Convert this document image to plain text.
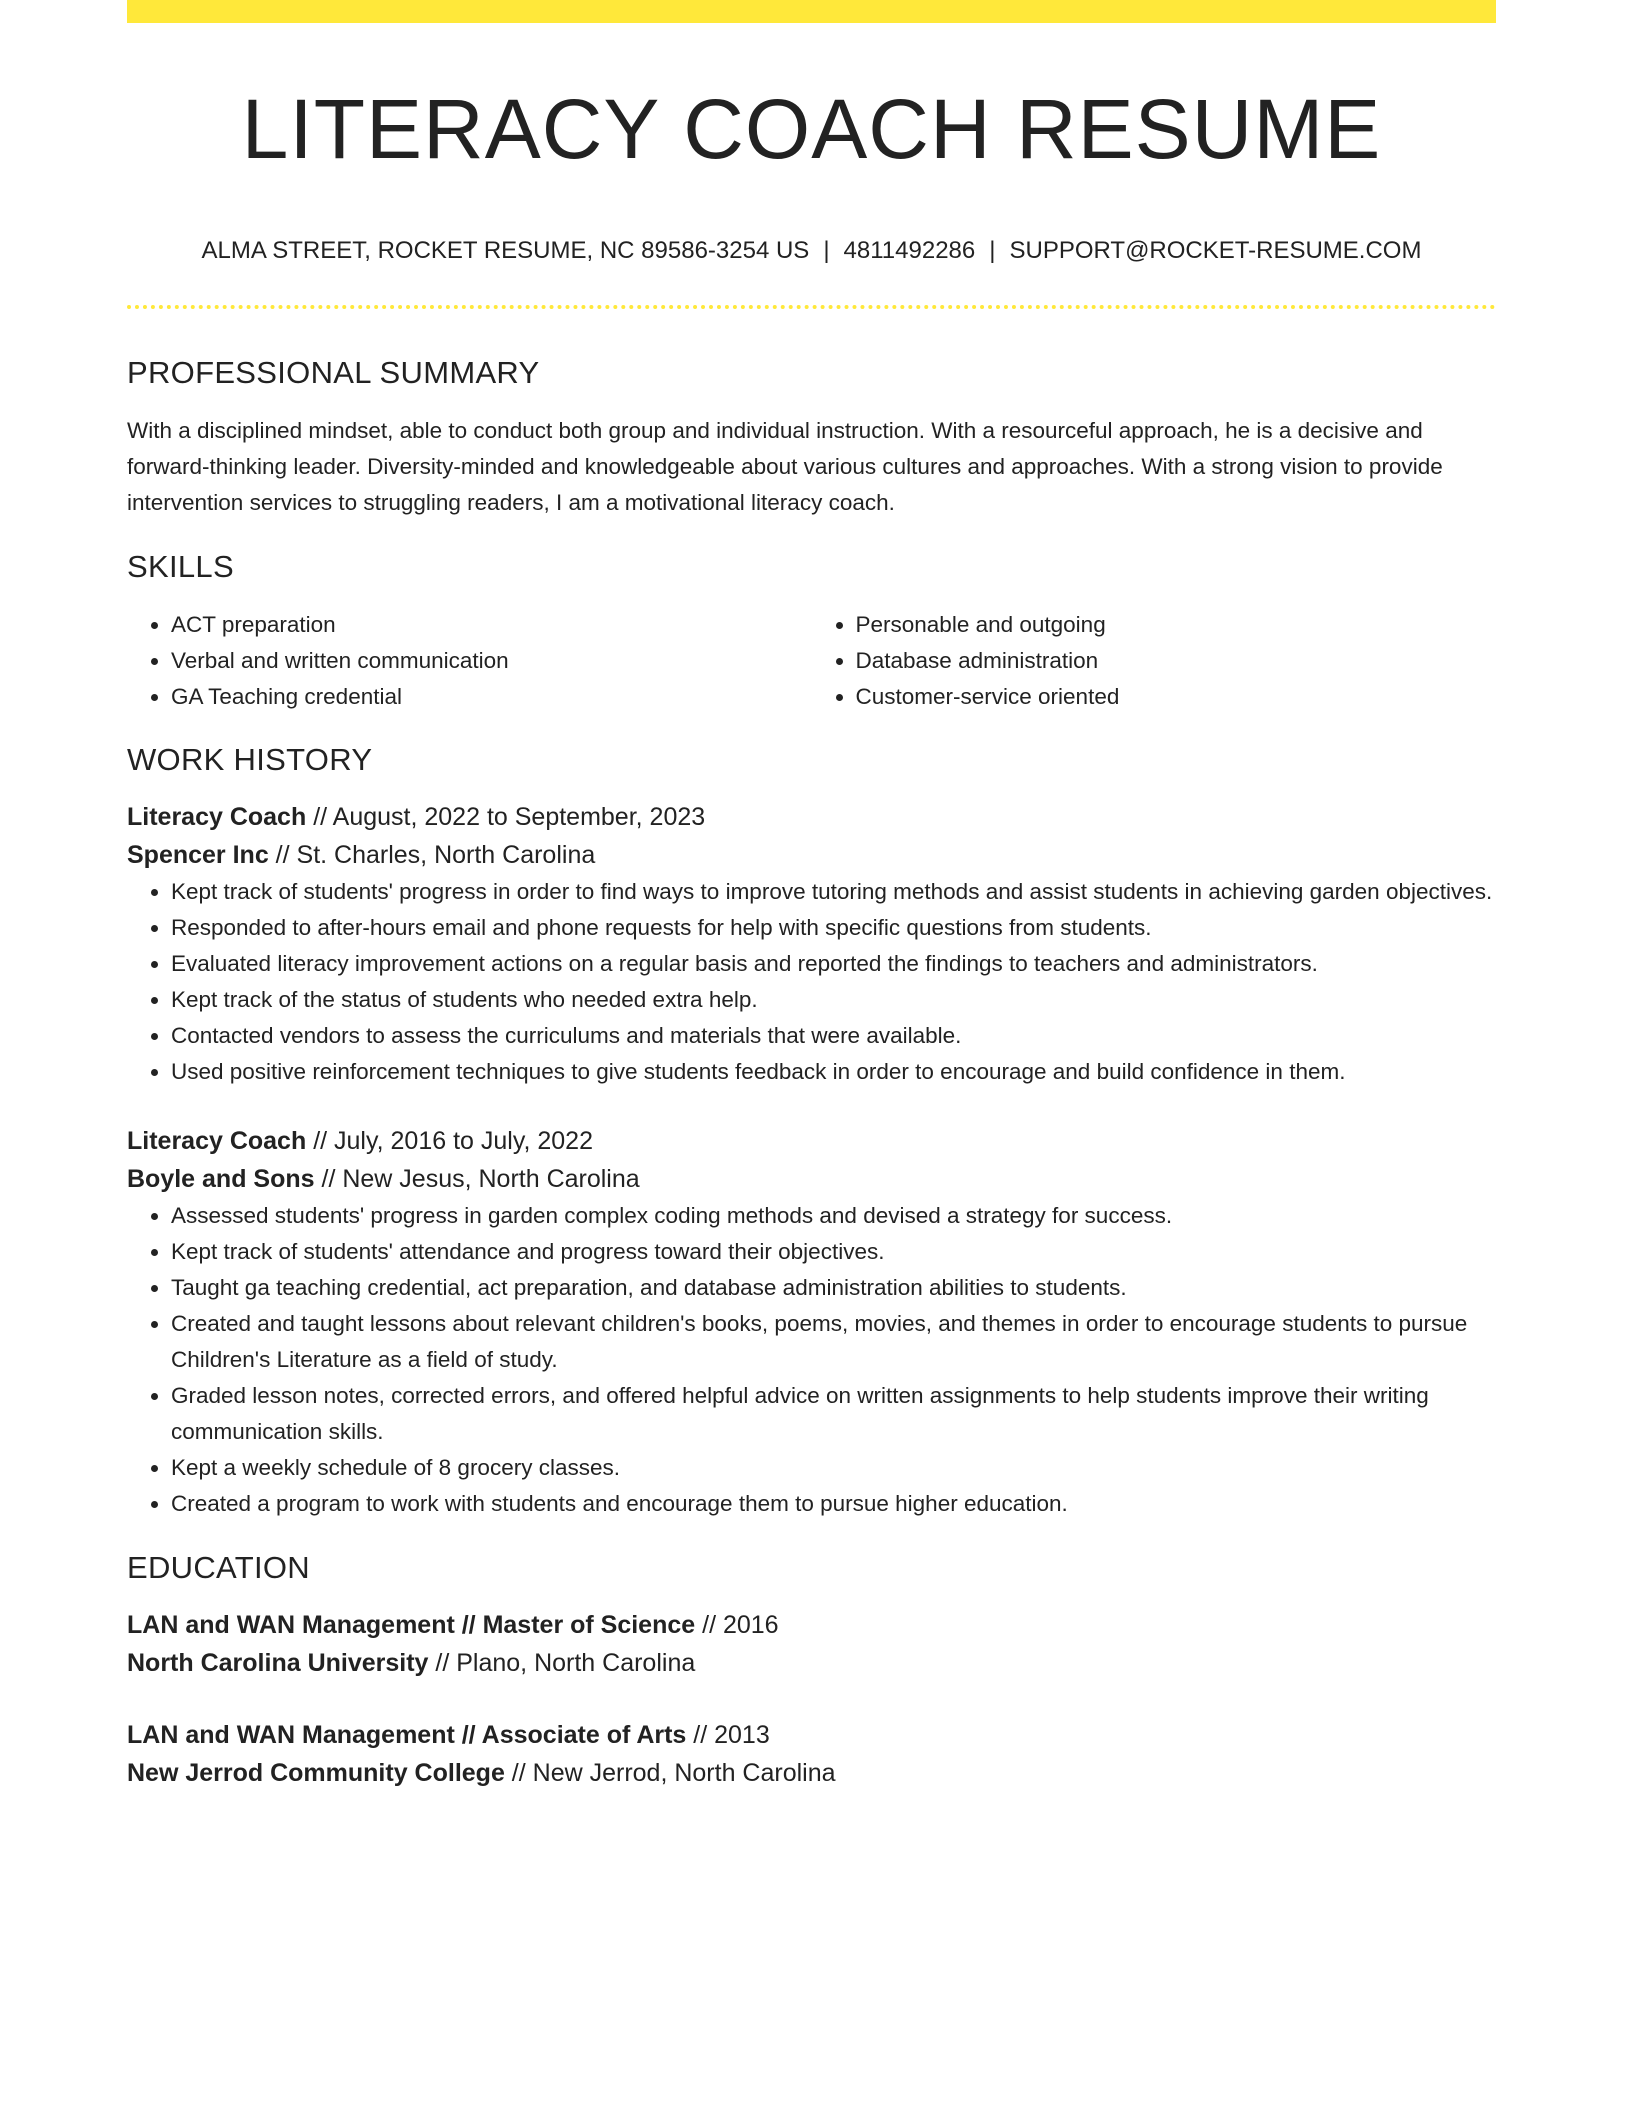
LITERACY COACH RESUME
ALMA STREET, ROCKET RESUME, NC 89586-3254 US | 4811492286 | SUPPORT@ROCKET-RESUME.COM
PROFESSIONAL SUMMARY

With a disciplined mindset, able to conduct both group and individual instruction. With a resourceful approach, he is a decisive and forward-thinking leader. Diversity-minded and knowledgeable about various cultures and approaches. With a strong vision to provide intervention services to struggling readers, I am a motivational literacy coach.

SKILLS
• ACT preparation
• Verbal and written communication
• GA Teaching credential
• Personable and outgoing
• Database administration
• Customer-service oriented
WORK HISTORY
Literacy Coach // August, 2022 to September, 2023
Spencer Inc // St. Charles, North Carolina
• Kept track of students' progress in order to find ways to improve tutoring methods and assist students in achieving garden objectives.
• Responded to after-hours email and phone requests for help with specific questions from students.
• Evaluated literacy improvement actions on a regular basis and reported the findings to teachers and administrators.
• Kept track of the status of students who needed extra help.
• Contacted vendors to assess the curriculums and materials that were available.
• Used positive reinforcement techniques to give students feedback in order to encourage and build confidence in them.
Literacy Coach // July, 2016 to July, 2022
Boyle and Sons // New Jesus, North Carolina
• Assessed students' progress in garden complex coding methods and devised a strategy for success.
• Kept track of students' attendance and progress toward their objectives.
• Taught ga teaching credential, act preparation, and database administration abilities to students.
• Created and taught lessons about relevant children's books, poems, movies, and themes in order to encourage students to pursue Children's Literature as a field of study.
• Graded lesson notes, corrected errors, and offered helpful advice on written assignments to help students improve their writing communication skills.
• Kept a weekly schedule of 8 grocery classes.
• Created a program to work with students and encourage them to pursue higher education.
EDUCATION
LAN and WAN Management // Master of Science // 2016
North Carolina University // Plano, North Carolina
LAN and WAN Management // Associate of Arts // 2013
New Jerrod Community College // New Jerrod, North Carolina
